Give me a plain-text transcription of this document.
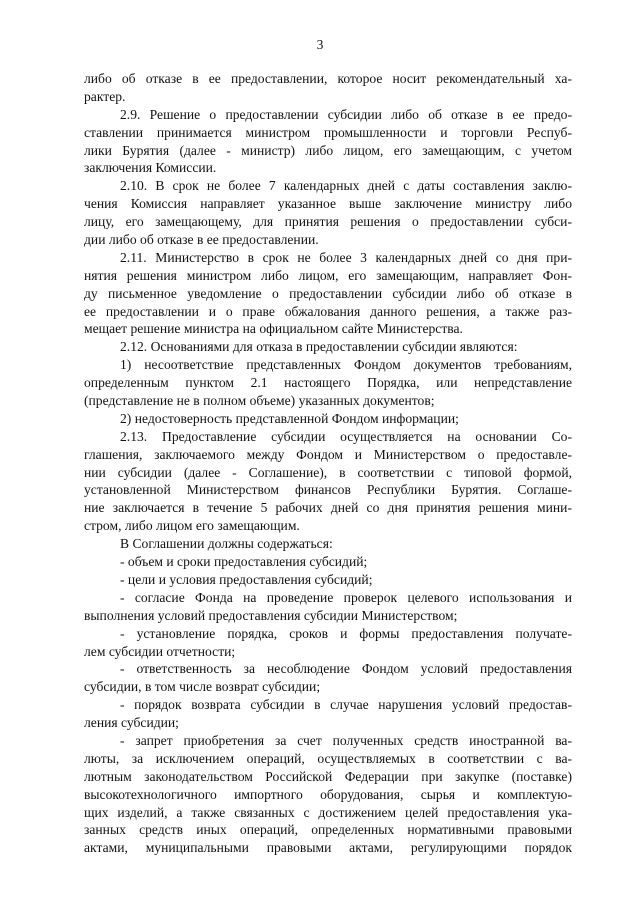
3
либо об отказе в ее предоставлении, которое носит рекомендательный ха-
рактер.
2.9. Решение о предоставлении субсидии либо об отказе в ее предо-
ставлении принимается министром промышленности и торговли Респуб-
лики Бурятия (далее - министр) либо лицом, его замещающим, с учетом
заключения Комиссии.
2.10. В срок не более 7 календарных дней с даты составления заклю-
чения Комиссия направляет указанное выше заключение министру либо
лицу, его замещающему, для принятия решения о предоставлении субси-
дии либо об отказе в ее предоставлении.
2.11. Министерство в срок не более 3 календарных дней со дня при-
нятия решения министром либо лицом, его замещающим, направляет Фон-
ду письменное уведомление о предоставлении субсидии либо об отказе в
ее предоставлении и о праве обжалования данного решения, а также раз-
мещает решение министра на официальном сайте Министерства.
2.12. Основаниями для отказа в предоставлении субсидии являются:
1) несоответствие представленных Фондом документов требованиям,
определенным пунктом 2.1 настоящего Порядка, или непредставление
(представление не в полном объеме) указанных документов;
2) недостоверность представленной Фондом информации;
2.13. Предоставление субсидии осуществляется на основании Со-
глашения, заключаемого между Фондом и Министерством о предоставле-
нии субсидии (далее - Соглашение), в соответствии с типовой формой,
установленной Министерством финансов Республики Бурятия. Соглаше-
ние заключается в течение 5 рабочих дней со дня принятия решения мини-
стром, либо лицом его замещающим.
В Соглашении должны содержаться:
- объем и сроки предоставления субсидий;
- цели и условия предоставления субсидий;
- согласие Фонда на проведение проверок целевого использования и
выполнения условий предоставления субсидии Министерством;
- установление порядка, сроков и формы предоставления получате-
лем субсидии отчетности;
- ответственность за несоблюдение Фондом условий предоставления
субсидии, в том числе возврат субсидии;
- порядок возврата субсидии в случае нарушения условий предостав-
ления субсидии;
- запрет приобретения за счет полученных средств иностранной ва-
люты, за исключением операций, осуществляемых в соответствии с ва-
лютным законодательством Российской Федерации при закупке (поставке)
высокотехнологичного импортного оборудования, сырья и комплектую-
щих изделий, а также связанных с достижением целей предоставления ука-
занных средств иных операций, определенных нормативными правовыми
актами, муниципальными правовыми актами, регулирующими порядок
